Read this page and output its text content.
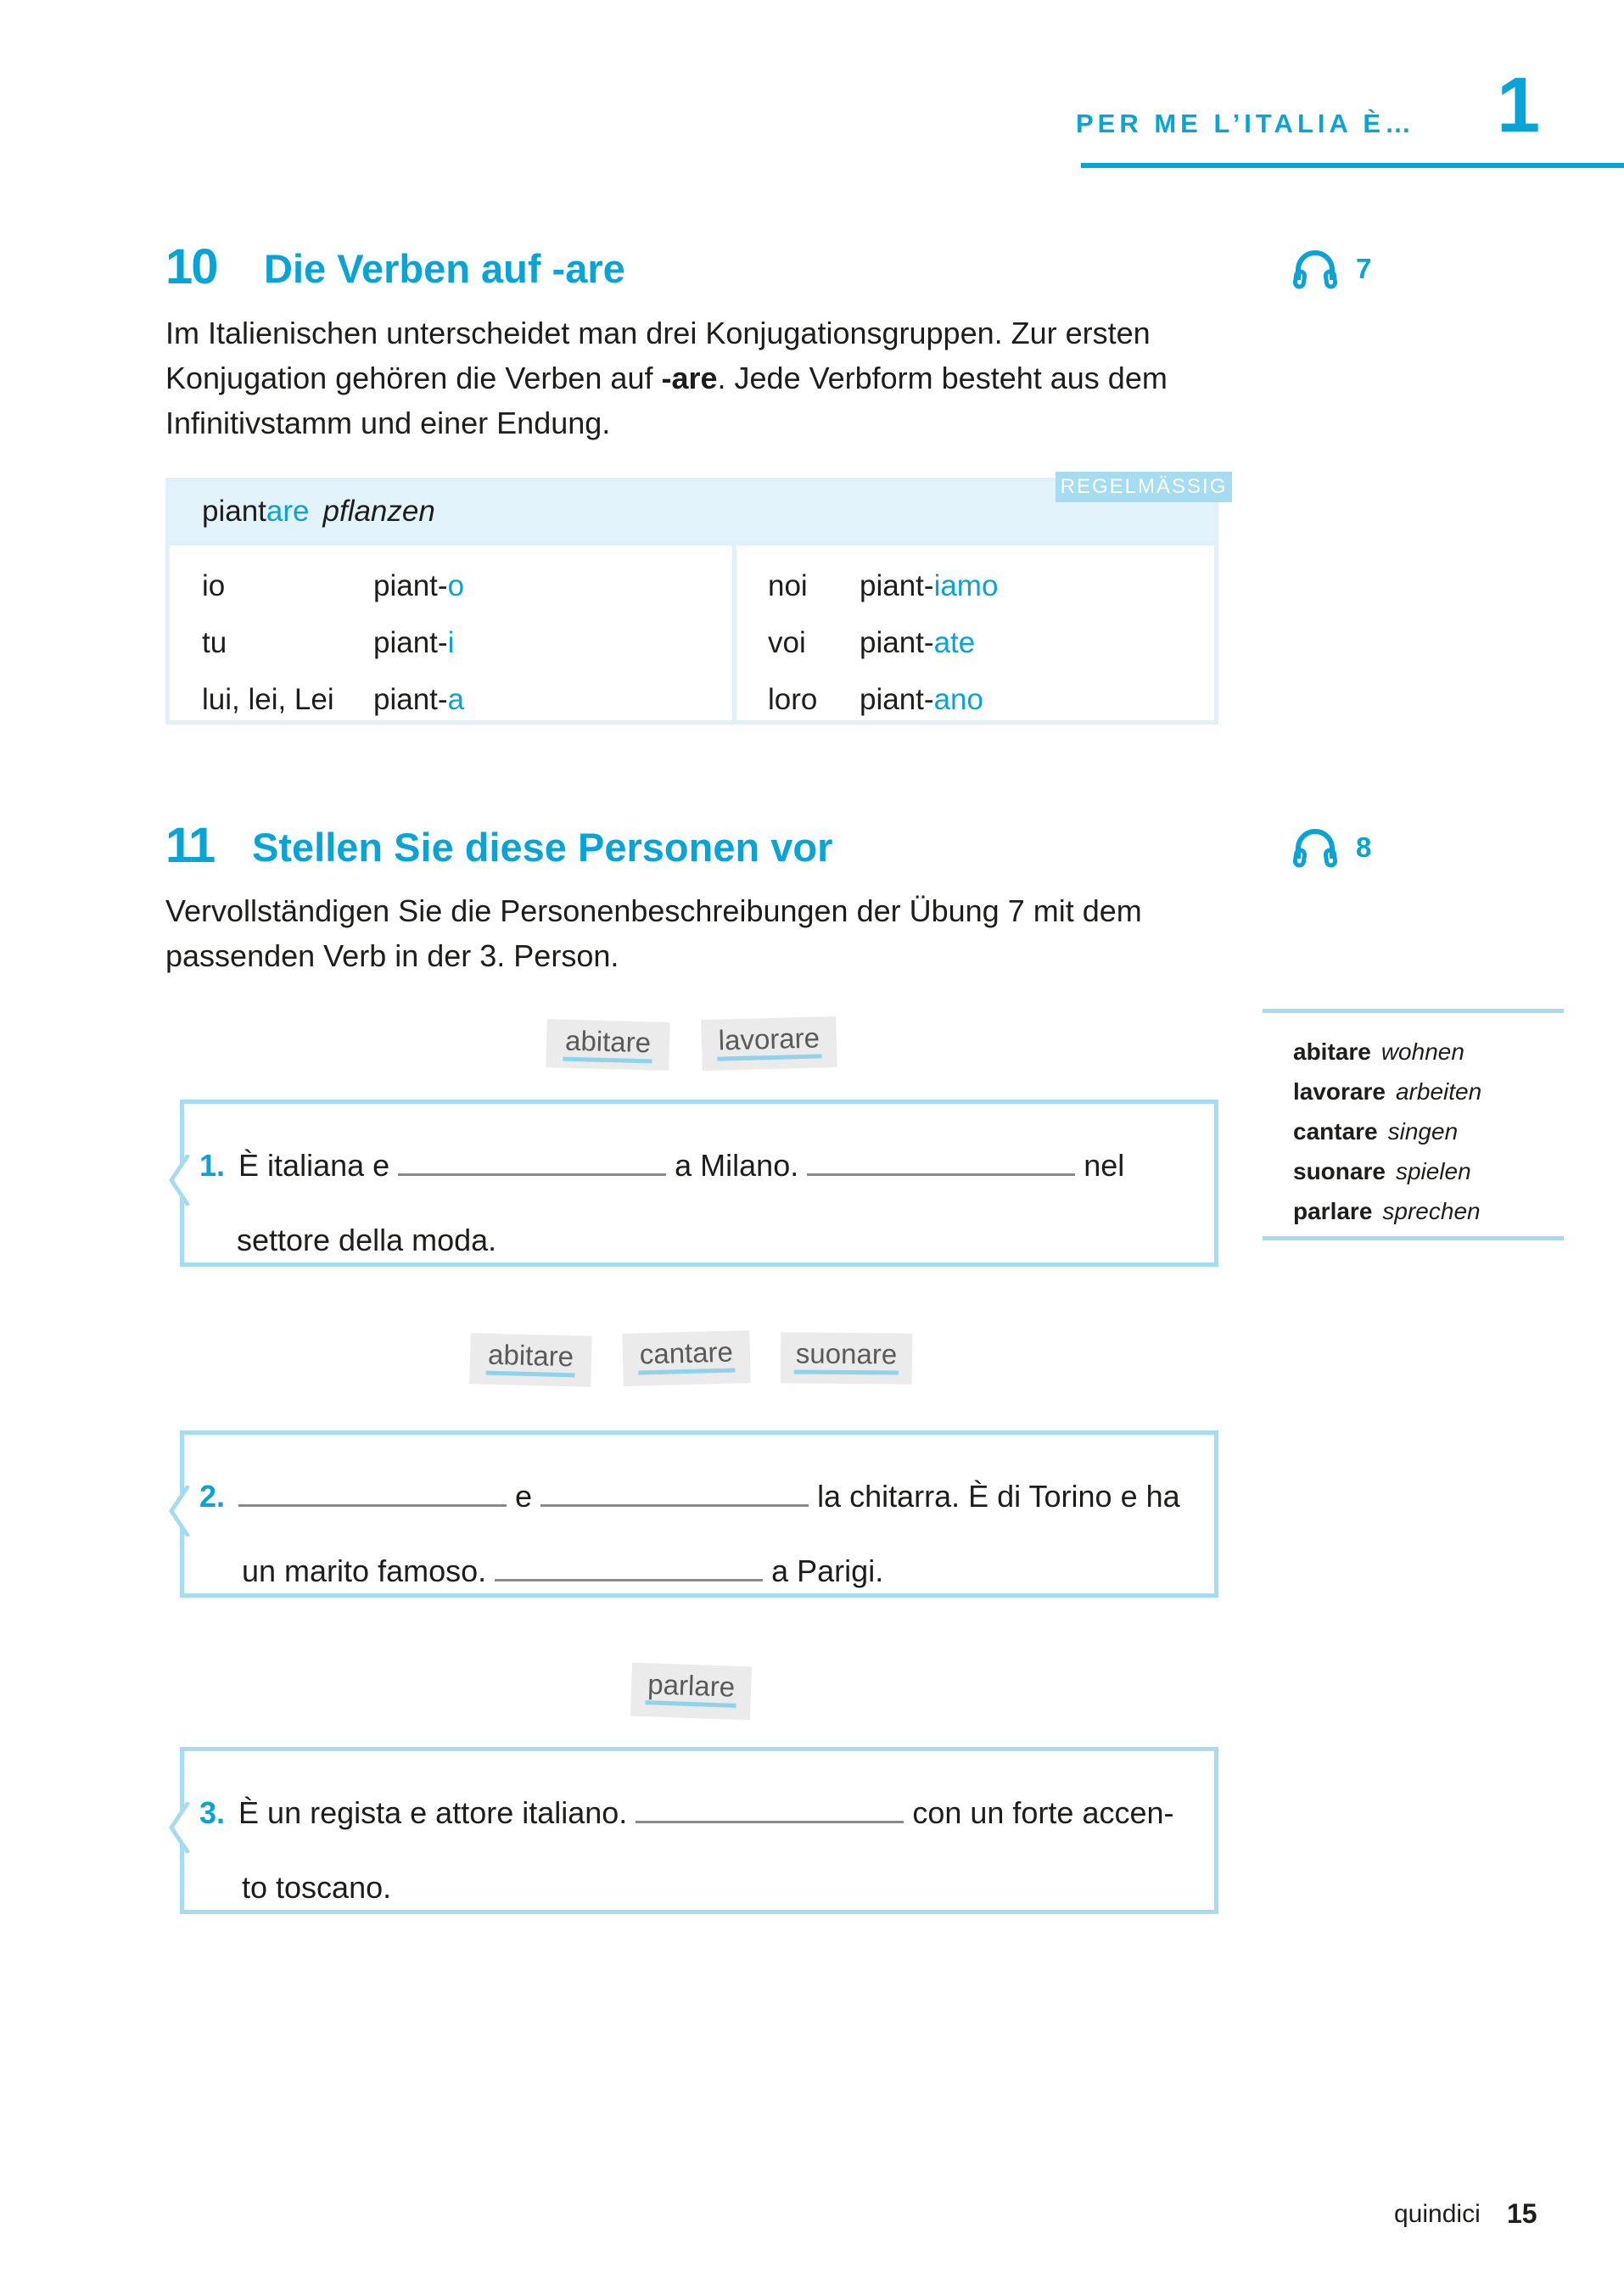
PER ME L’ITALIA È… 1
10 Die Verben auf -are	7
Im Italienischen unterscheidet man drei Konjugationsgruppen. Zur ersten
Konjugation gehören die Verben auf -are. Jede Verbform besteht aus dem
Infinitivstamm und einer Endung.
piantare pflanzen
io	piant-o
tu	piant-i
lui, lei, Lei piant-a
noi piant-iamo
voi piant-ate
loro piant-ano
REGELMÄSSIG
11 Stellen Sie diese Personen vor	8
Vervollständigen Sie die Personenbeschreibungen der Übung 7 mit dem
passenden Verb in der 3. Person.
abitare	lavorare
1. È italiana e	a Milano.	nel
settore della moda.
abitare	cantare	suonare
2.	e	la chitarra. È di Torino e ha
un marito famoso.	a Parigi.
parlare
3. È un regista e attore italiano.	con un forte accen-
to toscano.
abitare wohnen
lavorare arbeiten
cantare singen
suonare spielen
parlare sprechen
quindici 15
